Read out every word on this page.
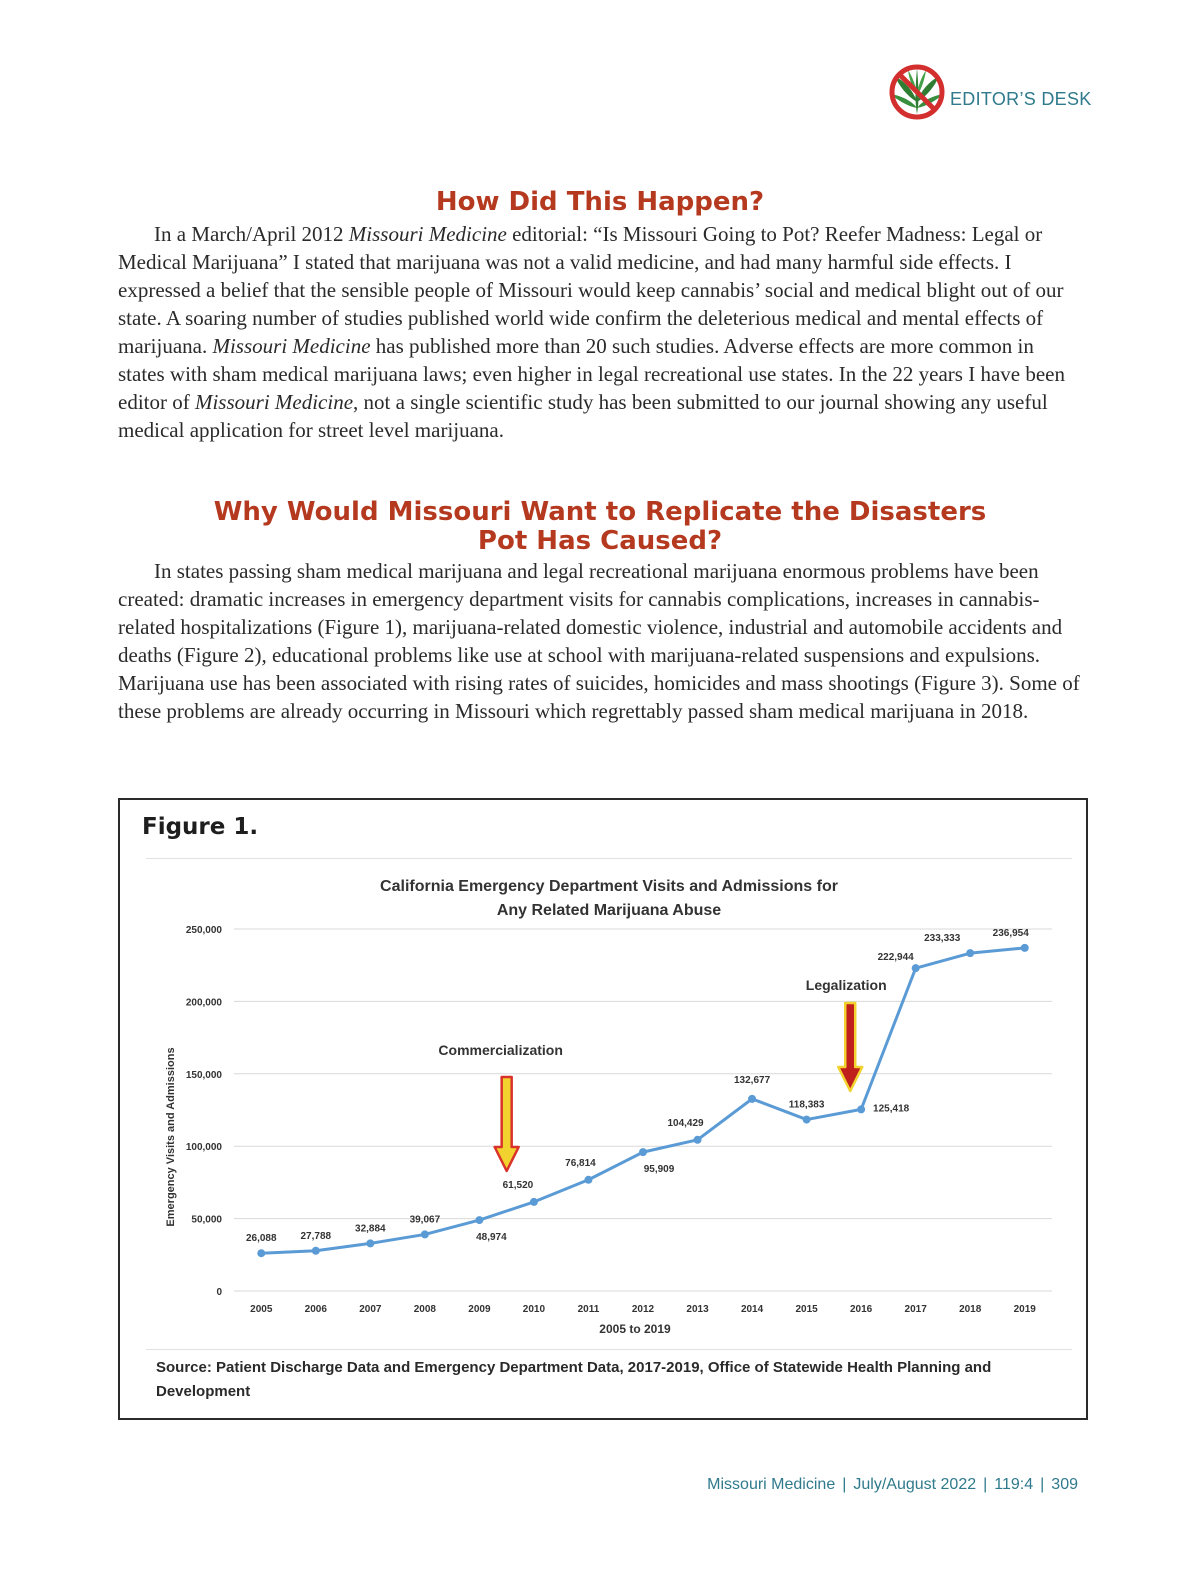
EDITOR’S DESK
How Did This Happen?

In a March/April 2012 Missouri Medicine editorial: “Is Missouri Going to Pot? Reefer Madness: Legal or Medical Marijuana” I stated that marijuana was not a valid medicine, and had many harmful side effects. I expressed a belief that the sensible people of Missouri would keep cannabis’ social and medical blight out of our state. A soaring number of studies published world wide confirm the deleterious medical and mental effects of marijuana. Missouri Medicine has published more than 20 such studies. Adverse effects are more common in states with sham medical marijuana laws; even higher in legal recreational use states. In the 22 years I have been editor of Missouri Medicine, not a single scientific study has been submitted to our journal showing any useful medical application for street level marijuana.

Why Would Missouri Want to Replicate the Disasters
Pot Has Caused?

In states passing sham medical marijuana and legal recreational marijuana enormous problems have been created: dramatic increases in emergency department visits for cannabis complications, increases in cannabis-related hospitalizations (Figure 1), marijuana-related domestic violence, industrial and automobile accidents and deaths (Figure 2), educational problems like use at school with marijuana-related suspensions and expulsions. Marijuana use has been associated with rising rates of suicides, homicides and mass shootings (Figure 3). Some of these problems are already occurring in Missouri which regrettably passed sham medical marijuana in 2018.

Figure 1.
California Emergency Department Visits and Admissions for
Any Related Marijuana Abuse
Emergency Visits and Admissions
2005 to 2019
0
50,000
100,000
150,000
200,000
250,000
2005	2006	2007	2008	2009	2010	2011	2012	2013	2014	2015	2016	2017	2018	2019
Commercialization
Legalization
26,088 27,788
32,884
39,067
48,974
61,520
76,814
95,909
104,429
132,677
118,383	125,418
222,944
233,333	236,954
Source: Patient Discharge Data and Emergency Department Data, 2017-2019, Office of Statewide Health Planning and Development
Missouri Medicine | July/August 2022 | 119:4 | 309
